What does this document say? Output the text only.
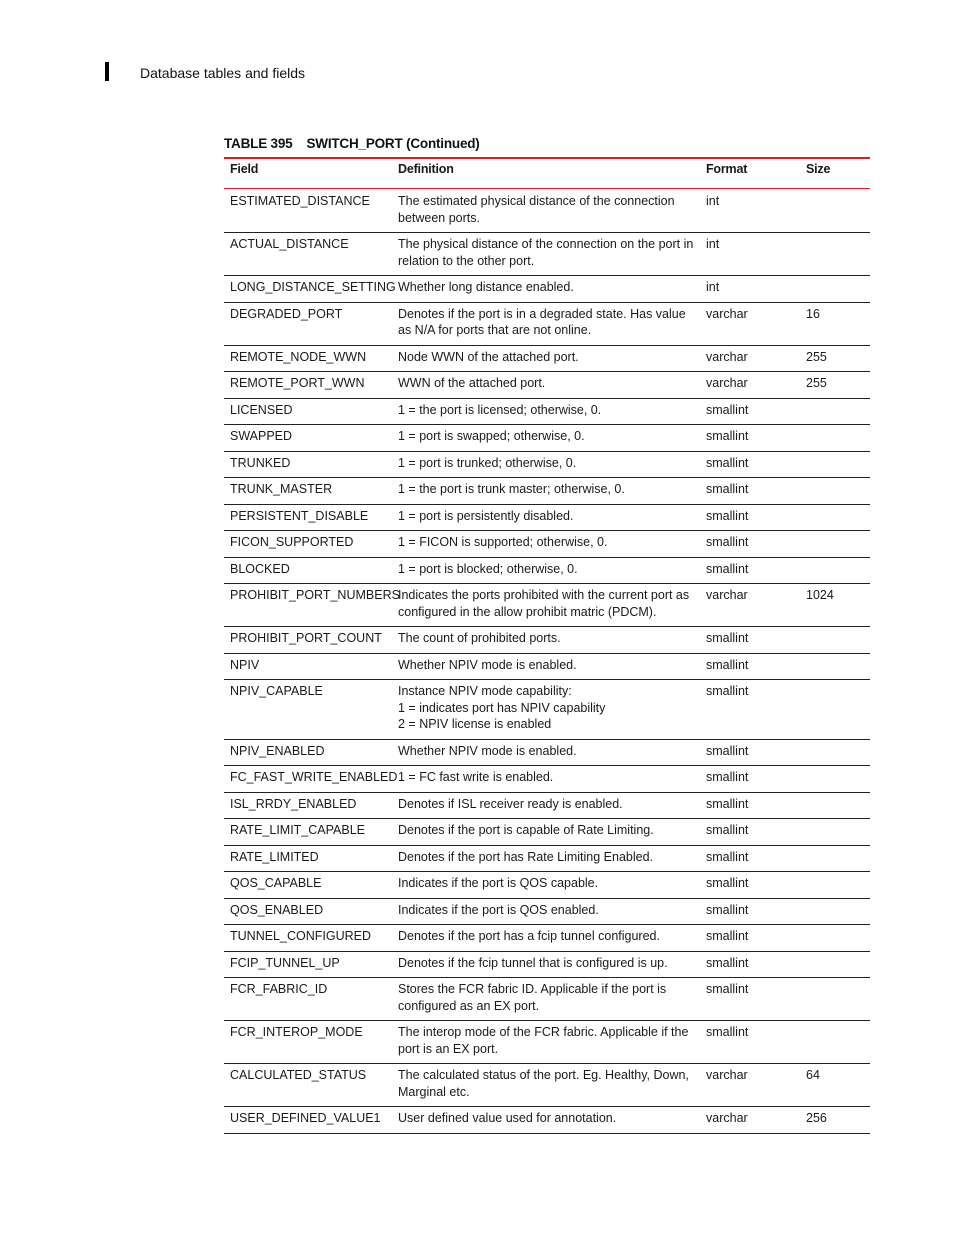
Database tables and fields
TABLE 395 SWITCH_PORT (Continued)
Field	Definition	Format	Size
ESTIMATED_DISTANCE	The estimated physical distance of the connection between ports.	int	
ACTUAL_DISTANCE	The physical distance of the connection on the port in relation to the other port.	int	
LONG_DISTANCE_SETTING	Whether long distance enabled.	int	
DEGRADED_PORT	Denotes if the port is in a degraded state. Has value as N/A for ports that are not online.	varchar	16
REMOTE_NODE_WWN	Node WWN of the attached port.	varchar	255
REMOTE_PORT_WWN	WWN of the attached port.	varchar	255
LICENSED	1 = the port is licensed; otherwise, 0.	smallint	
SWAPPED	1 = port is swapped; otherwise, 0.	smallint	
TRUNKED	1 = port is trunked; otherwise, 0.	smallint	
TRUNK_MASTER	1 = the port is trunk master; otherwise, 0.	smallint	
PERSISTENT_DISABLE	1 = port is persistently disabled.	smallint	
FICON_SUPPORTED	1 = FICON is supported; otherwise, 0.	smallint	
BLOCKED	1 = port is blocked; otherwise, 0.	smallint	
PROHIBIT_PORT_NUMBERS	Indicates the ports prohibited with the current port as configured in the allow prohibit matric (PDCM).	varchar	1024
PROHIBIT_PORT_COUNT	The count of prohibited ports.	smallint	
NPIV	Whether NPIV mode is enabled.	smallint	
NPIV_CAPABLE	Instance NPIV mode capability:
1 = indicates port has NPIV capability
2 = NPIV license is enabled	smallint	
NPIV_ENABLED	Whether NPIV mode is enabled.	smallint	
FC_FAST_WRITE_ENABLED	1 = FC fast write is enabled.	smallint	
ISL_RRDY_ENABLED	Denotes if ISL receiver ready is enabled.	smallint	
RATE_LIMIT_CAPABLE	Denotes if the port is capable of Rate Limiting.	smallint	
RATE_LIMITED	Denotes if the port has Rate Limiting Enabled.	smallint	
QOS_CAPABLE	Indicates if the port is QOS capable.	smallint	
QOS_ENABLED	Indicates if the port is QOS enabled.	smallint	
TUNNEL_CONFIGURED	Denotes if the port has a fcip tunnel configured.	smallint	
FCIP_TUNNEL_UP	Denotes if the fcip tunnel that is configured is up.	smallint	
FCR_FABRIC_ID	Stores the FCR fabric ID. Applicable if the port is configured as an EX port.	smallint	
FCR_INTEROP_MODE	The interop mode of the FCR fabric. Applicable if the port is an EX port.	smallint	
CALCULATED_STATUS	The calculated status of the port. Eg. Healthy, Down, Marginal etc.	varchar	64
USER_DEFINED_VALUE1	User defined value used for annotation.	varchar	256
